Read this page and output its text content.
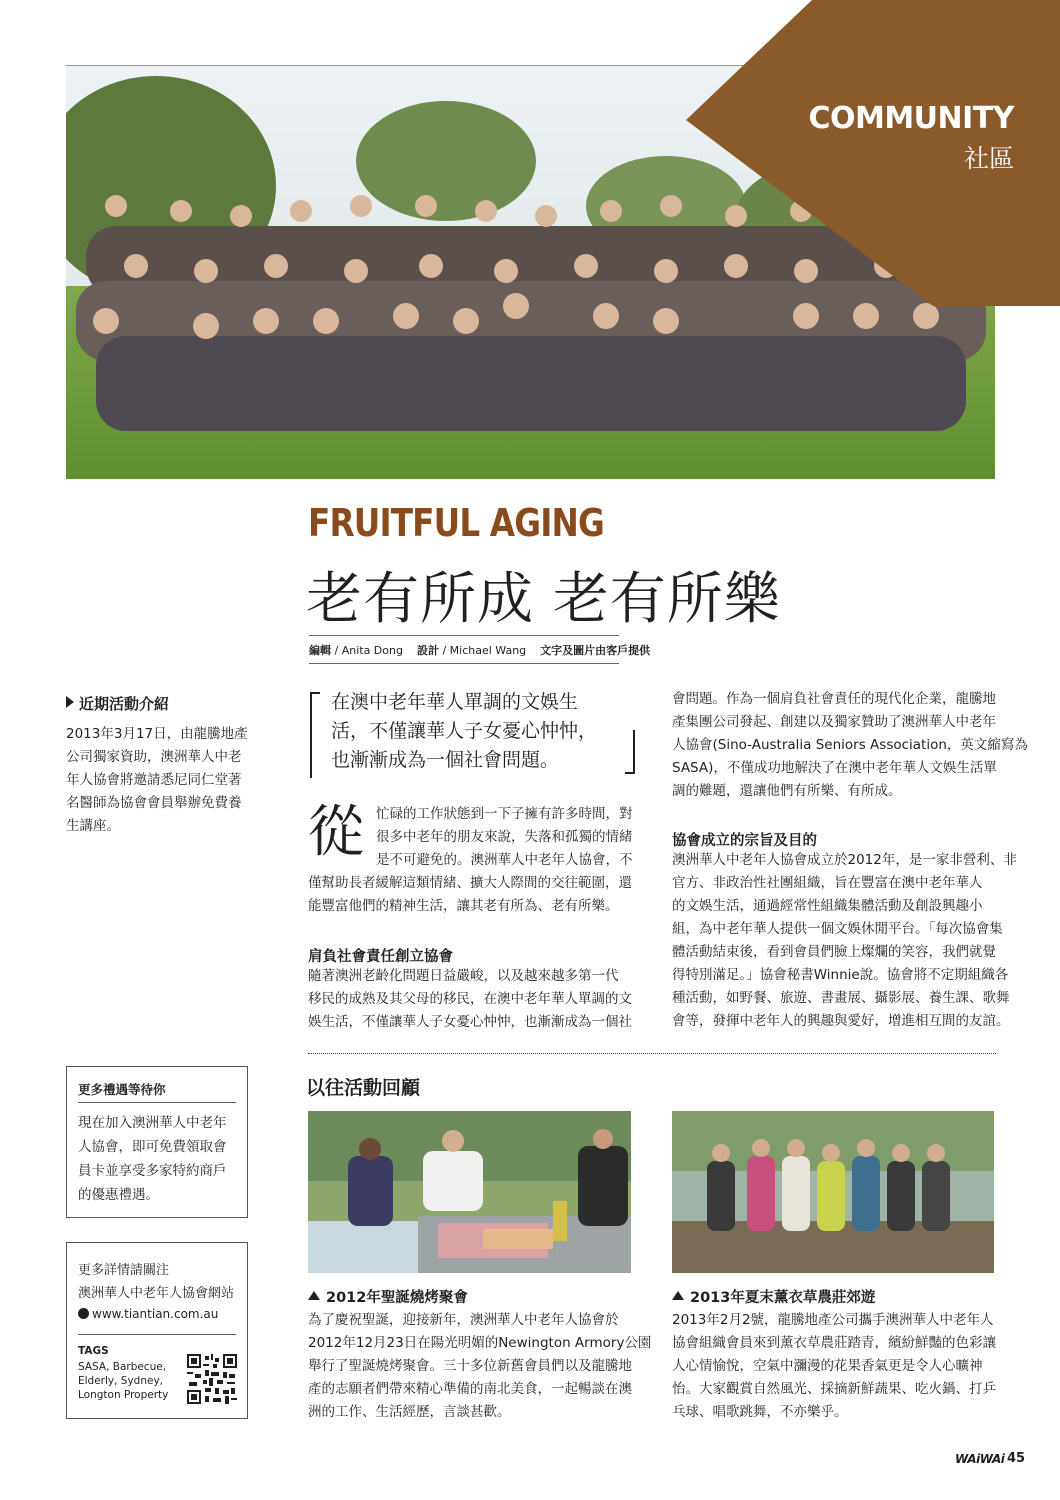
COMMUNITY
社區
FRUITFUL AGING
老有所成 老有所樂
編輯 / Anita Dong 設計 / Michael Wang 文字及圖片由客戶提供
近期活動介紹
2013年3月17日，由龍騰地產
公司獨家資助，澳洲華人中老
年人協會將邀請悉尼同仁堂著
名醫師為協會會員舉辦免費養
生講座。
在澳中老年華人單調的文娛生
活，不僅讓華人子女憂心忡忡，
也漸漸成為一個社會問題。
從 忙碌的工作狀態到一下子擁有許多時間，對
很多中老年的朋友來說，失落和孤獨的情緒
是不可避免的。澳洲華人中老年人協會，不
僅幫助長者緩解這類情緒、擴大人際間的交往範圍，還
能豐富他們的精神生活，讓其老有所為、老有所樂。
肩負社會責任創立協會
隨著澳洲老齡化問題日益嚴峻，以及越來越多第一代
移民的成熟及其父母的移民，在澳中老年華人單調的文
娛生活，不僅讓華人子女憂心忡忡，也漸漸成為一個社
會問題。作為一個肩負社會責任的現代化企業，龍騰地
產集團公司發起、創建以及獨家贊助了澳洲華人中老年
人協會(Sino-Australia Seniors Association，英文縮寫為
SASA)，不僅成功地解決了在澳中老年華人文娛生活單
調的難題，還讓他們有所樂、有所成。
協會成立的宗旨及目的
澳洲華人中老年人協會成立於2012年，是一家非營利、非
官方、非政治性社團組織，旨在豐富在澳中老年華人
的文娛生活，通過經常性組織集體活動及創設興趣小
組，為中老年華人提供一個文娛休閒平台。「每次協會集
體活動結束後，看到會員們臉上燦爛的笑容，我們就覺
得特別滿足。」協會秘書Winnie說。協會將不定期組織各
種活動，如野餐、旅遊、書畫展、攝影展、養生課、歌舞
會等，發揮中老年人的興趣與愛好，增進相互間的友誼。
以往活動回顧
2013年夏末薰衣草農莊郊遊
2013年2月2號，龍騰地產公司攜手澳洲華人中老年人
協會組織會員來到薰衣草農莊踏青，繽紛鮮豔的色彩讓
人心情愉悅，空氣中瀰漫的花果香氣更是令人心曠神
怡。大家觀賞自然風光、採摘新鮮蔬果、吃火鍋、打乒
乓球、唱歌跳舞，不亦樂乎。
2012年聖誕燒烤聚會
為了慶祝聖誕，迎接新年，澳洲華人中老年人協會於
2012年12月23日在陽光明媚的Newington Armory公園
舉行了聖誕燒烤聚會。三十多位新舊會員們以及龍騰地
產的志願者們帶來精心準備的南北美食，一起暢談在澳
洲的工作、生活經歷，言談甚歡。
更多禮遇等待你
現在加入澳洲華人中老年
人協會，即可免費領取會
員卡並享受多家特約商戶
的優惠禮遇。
更多詳情請關注
澳洲華人中老年人協會網站
www.tiantian.com.au
TAGS
SASA, Barbecue,
Elderly, Sydney,
Longton Property
WAiWAi 45
